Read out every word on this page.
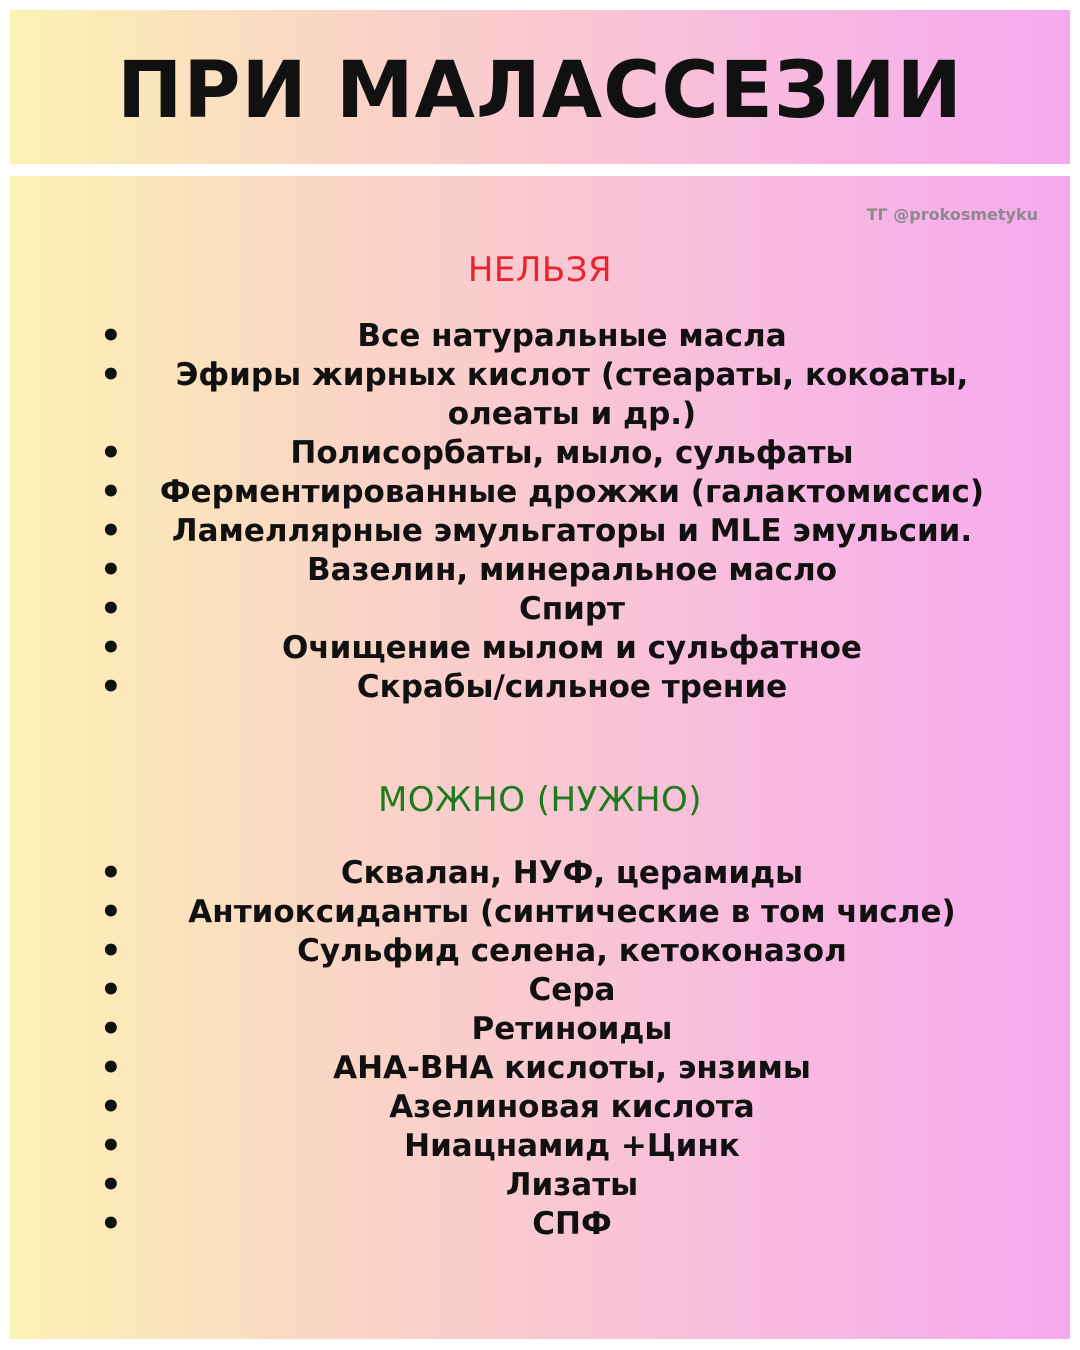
ПРИ МАЛАССЕЗИИ
ТГ @prokosmetyku
НЕЛЬЗЯ
•	Все натуральные масла
•	Эфиры жирных кислот (стеараты, кокоаты, олеаты и др.)
•	Полисорбаты, мыло, сульфаты
•	Ферментированные дрожжи (галактомиссис)
•	Ламеллярные эмульгаторы и MLE эмульсии.
•	Вазелин, минеральное масло
•	Спирт
•	Очищение мылом и сульфатное
•	Скрабы/сильное трение
МОЖНО (НУЖНО)
•	Сквалан, НУФ, церамиды
•	Антиоксиданты (синтические в том числе)
•	Сульфид селена, кетоконазол
•	Сера
•	Ретиноиды
•	АНА-ВНА кислоты, энзимы
•	Азелиновая кислота
•	Ниацнамид +Цинк
•	Лизаты
•	СПФ
